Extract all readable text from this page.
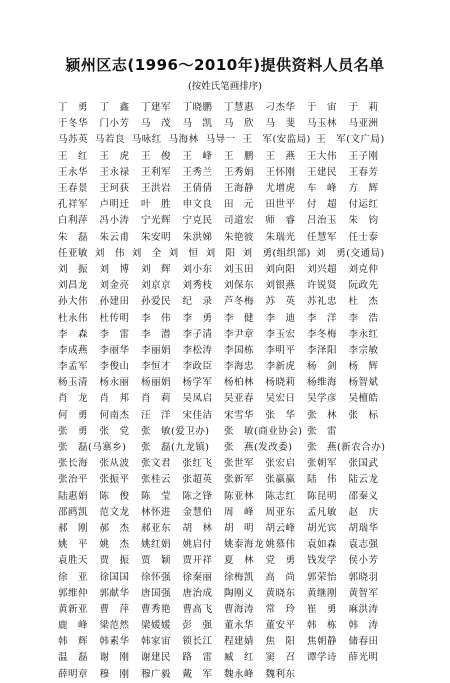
颍州区志(1996～2010年)提供资料人员名单
(按姓氏笔画排序)
丁　勇	丁　鑫	丁建军	丁晓鹏	丁慧惠	刁杰华	于　宙	于　莉
于冬华	门小芳	马　茂	马　凯	马　欣	马　斐	马玉林	马亚洲
马苏英 马若良 马咏红 马海林 马导一 王　军(安监局) 王　军(文广局)
王　红	王　虎	王　俊	王　峰	王　鹏	王　燕	王大伟	王子刚
王永华	王永禄	王利军	王秀兰	王秀娟	王怀刚	王建民	王春芳
王春景	王珂获	王洪岩	王倩倩	王海静	尤增虎	车　峰	方　辉
孔祥军	卢明迁	叶　胜	申文良	田　元	田世平	付　超	付运红
白利萍	冯小涛	宁光辉	宁克民	司道宏	师　睿	吕治玉	朱　钧
朱　磊	朱云甫	朱安明	朱洪娣	朱艳彼	朱瑞光	任慧军	任士泰
任亚敏 刘　伟 刘　全 刘　恒 刘　阳 刘　勇(组织部) 刘　勇(交通局)
刘　振	刘　博	刘　辉	刘小东	刘玉田	刘向阳	刘兴超	刘克仲
刘昌龙	刘金亮	刘京京	刘秀枝	刘保东	刘银燕	许锐贤	阮政先
孙大伟	孙建田	孙爱民	纪　录	芦冬梅	苏　英	苏礼忠	杜　杰
杜永伟	杜传明	李　伟	李　勇	李　健	李　迪	李　洋	李　浩
李　森	李　雷	李　潜	李子清	李尹章	李玉宏	李冬梅	李永红
李成燕	李丽华	李丽娟	李松涛	李国栋	李明平	李泽阳	李宗敏
李孟军	李俊山	李恒才	李政臣	李海忠	李新虎	杨　剑	杨　辉
杨玉清	杨永丽	杨丽娟	杨学军	杨柏林	杨晓莉	杨维海	杨智斌
肖　龙	肖　邦	肖　莉	吴凤启	吴亚春	吴宏日	吴学彦	吴檀皓
何　勇	何南杰	汪　洋	宋佳洁	宋雪华	张　华	张　林	张　标
张　勇	张　党	张　敏(爱卫办)	张　敏(商业协会) 张　雷
张　磊(马寨乡)	张　磊(九龙镇)	张　燕(发改委)	张　燕(新农合办)
张长海	张从波	张文君	张红飞	张世军	张宏启	张朝军	张国武
张治平	张振平	张桂云	张超英	张新军	张嬴嬴	陆　伟	陆云龙
陆惠娟	陈　俊	陈　莹	陈之锋	陈亚林	陈志红	陈昆明	邵秦义
邵鸥凯	范文龙	林怀进	金慧伯	周　峰	周亚东	孟凡敏	赵　庆
郝　刚	郝　杰	郝亚东	胡　林	胡　明	胡云峰	胡光宾	胡瑞华
姚　平	姚　杰	姚红娟	姚启付	姚泰海龙 姚慕伟	袁如森	袁志强
袁胜天	贾　振	贾　颖	贾开祥	夏　林	党　勇	钱发学	侯小芳
徐　亚	徐国国	徐怀强	徐秦丽	徐梅凯	高　尚	郭荣怡	郭晓羽
郭维仲	郭献华	唐国强	唐治成	陶刚义	黄晓东	黄继刚	黄智军
黄新亚	曹　萍	曹秀艳	曹高飞	曹海涛	常　玲	崔　勇	麻洪涛
鹿　峰	梁范然	梁媛媛	彭　强	董永华	董安平	韩　栋	韩　涛
韩　辉	韩素华	韩家宙	锁长江	程建婧	焦　阳	焦朝静	储春田
温　磊	谢　刚	谢建民	路　雷	臧　红	窦　召	谭学诗	薛光明
薛明章	穆　刚	穆广毅	戴　军	魏永峰	魏利东
